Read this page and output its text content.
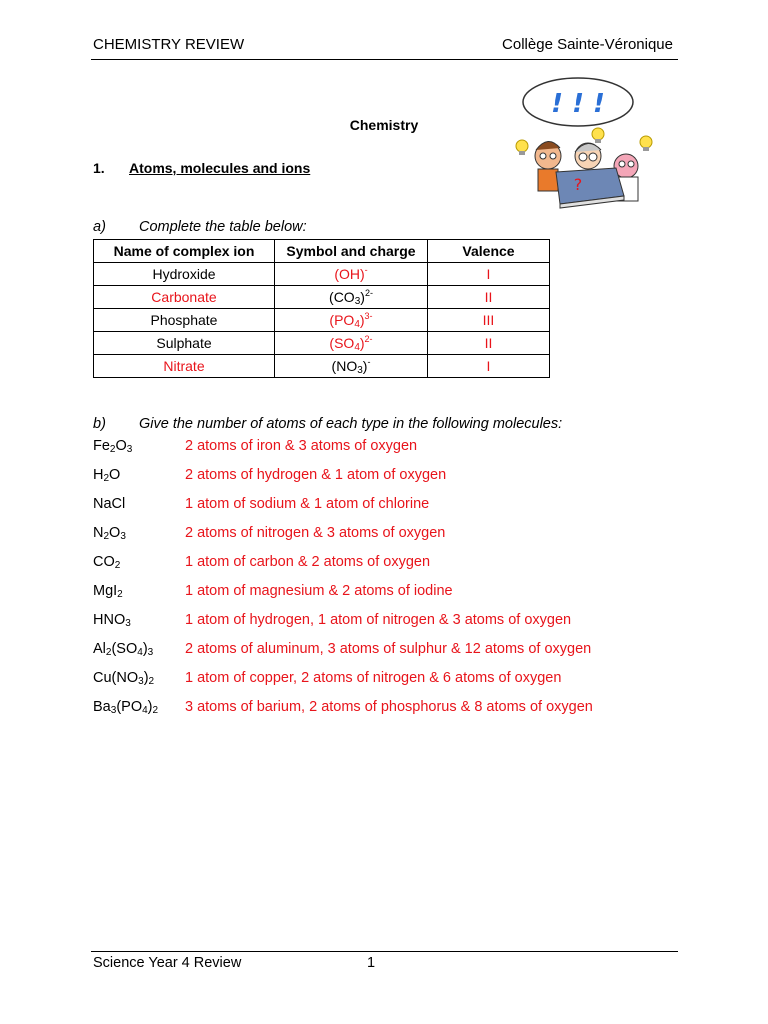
CHEMISTRY REVIEW	Collège Sainte-Véronique
! ! !
?
Chemistry
1. Atoms, molecules and ions
a) Complete the table below:
Name of complex ion	Symbol and charge	Valence
Hydroxide	(OH)-	I
Carbonate	$(CO_3)^{2-}$	II
Phosphate	$(PO_4)^{3-}$	III
Sulphate	$(SO_4)^{2-}$	II
Nitrate	$(NO_3)^-$	I
b) Give the number of atoms of each type in the following molecules:
$Fe_2O_3$	2 atoms of iron & 3 atoms of oxygen
$H_2O$	2 atoms of hydrogen & 1 atom of oxygen
NaCl	1 atom of sodium & 1 atom of chlorine
$N_2O_3$	2 atoms of nitrogen & 3 atoms of oxygen
$CO_2$	1 atom of carbon & 2 atoms of oxygen
MgI$_2$	1 atom of magnesium & 2 atoms of iodine
$HNO_3$	1 atom of hydrogen, 1 atom of nitrogen & 3 atoms of oxygen
$Al_2(SO_4)_3$	2 atoms of aluminum, 3 atoms of sulphur & 12 atoms of oxygen
$Cu(NO_3)_2$	1 atom of copper, 2 atoms of nitrogen & 6 atoms of oxygen
$Ba_3(PO_4)_2$	3 atoms of barium, 2 atoms of phosphorus & 8 atoms of oxygen
Science Year 4 Review	1
